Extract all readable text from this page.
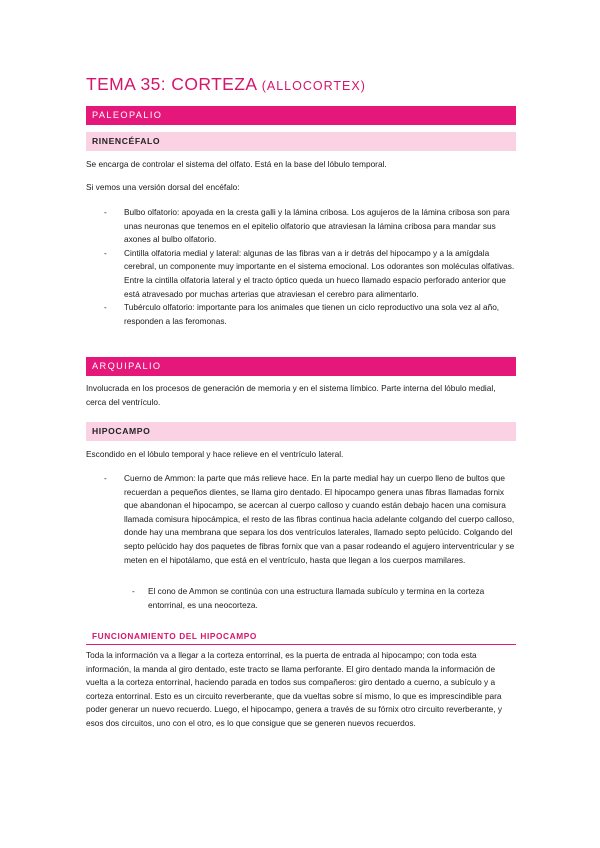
TEMA 35: CORTEZA (ALLOCORTEX)
PALEOPALIO
RINENCÉFALO

Se encarga de controlar el sistema del olfato. Está en la base del lóbulo temporal.

Si vemos una versión dorsal del encéfalo:

- Bulbo olfatorio: apoyada en la cresta galli y la lámina cribosa. Los agujeros de la lámina cribosa son para unas neuronas que tenemos en el epitelio olfatorio que atraviesan la lámina cribosa para mandar sus axones al bulbo olfatorio.
- Cintilla olfatoria medial y lateral: algunas de las fibras van a ir detrás del hipocampo y a la amígdala cerebral, un componente muy importante en el sistema emocional. Los odorantes son moléculas olfativas. Entre la cintilla olfatoria lateral y el tracto óptico queda un hueco llamado espacio perforado anterior que está atravesado por muchas arterias que atraviesan el cerebro para alimentarlo.
- Tubérculo olfatorio: importante para los animales que tienen un ciclo reproductivo una sola vez al año, responden a las feromonas.
ARQUIPALIO

Involucrada en los procesos de generación de memoria y en el sistema límbico. Parte interna del lóbulo medial, cerca del ventrículo.

HIPOCAMPO

Escondido en el lóbulo temporal y hace relieve en el ventrículo lateral.

- Cuerno de Ammon: la parte que más relieve hace. En la parte medial hay un cuerpo lleno de bultos que recuerdan a pequeños dientes, se llama giro dentado. El hipocampo genera unas fibras llamadas fornix que abandonan el hipocampo, se acercan al cuerpo calloso y cuando están debajo hacen una comisura llamada comisura hipocámpica, el resto de las fibras continua hacia adelante colgando del cuerpo calloso, donde hay una membrana que separa los dos ventrículos laterales, llamado septo pelúcido. Colgando del septo pelúcido hay dos paquetes de fibras fornix que van a pasar rodeando el agujero interventricular y se meten en el hipotálamo, que está en el ventrículo, hasta que llegan a los cuerpos mamilares.
- El cono de Ammon se continúa con una estructura llamada subículo y termina en la corteza entorrinal, es una neocorteza.
FUNCIONAMIENTO DEL HIPOCAMPO

Toda la información va a llegar a la corteza entorrinal, es la puerta de entrada al hipocampo; con toda esta información, la manda al giro dentado, este tracto se llama perforante. El giro dentado manda la información de vuelta a la corteza entorrinal, haciendo parada en todos sus compañeros: giro dentado a cuerno, a subículo y a corteza entorrinal. Esto es un circuito reverberante, que da vueltas sobre sí mismo, lo que es imprescindible para poder generar un nuevo recuerdo. Luego, el hipocampo, genera a través de su fórnix otro circuito reverberante, y esos dos circuitos, uno con el otro, es lo que consigue que se generen nuevos recuerdos.
